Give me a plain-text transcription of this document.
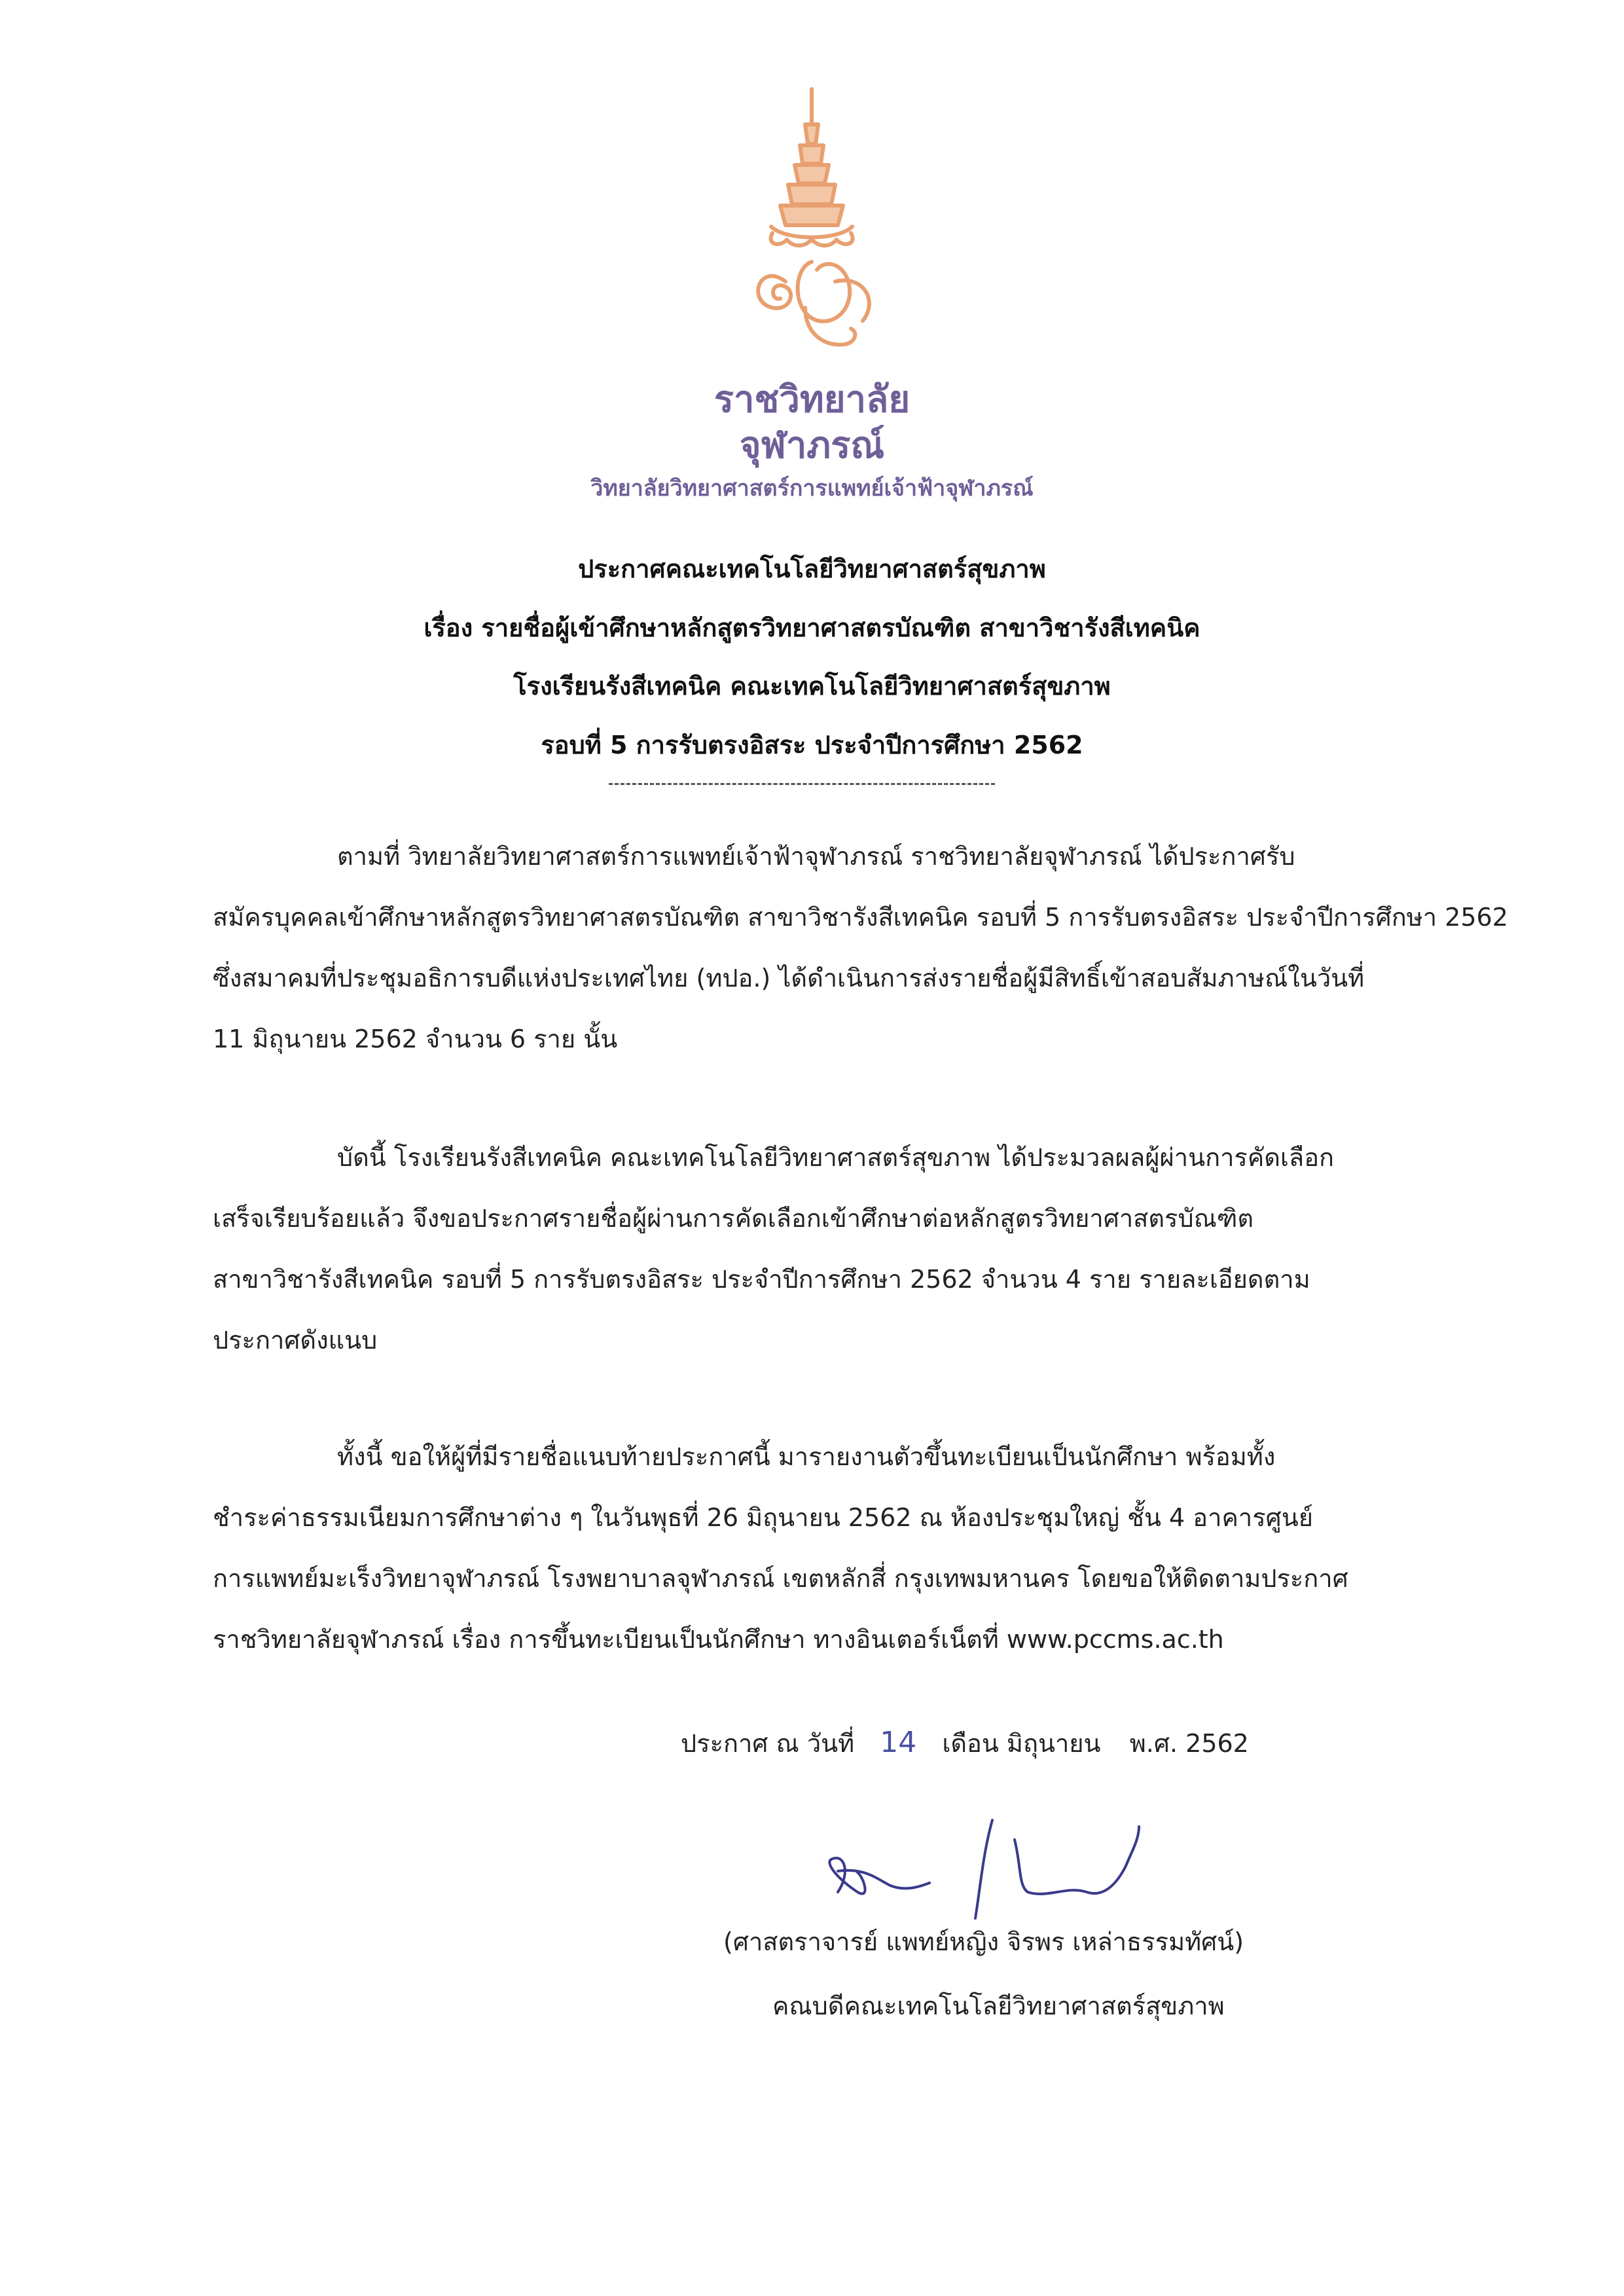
ราชวิทยาลัย
จุฬาภรณ์
วิทยาลัยวิทยาศาสตร์การแพทย์เจ้าฟ้าจุฬาภรณ์
ประกาศคณะเทคโนโลยีวิทยาศาสตร์สุขภาพ
เรื่อง รายชื่อผู้เข้าศึกษาหลักสูตรวิทยาศาสตรบัณฑิต สาขาวิชารังสีเทคนิค
โรงเรียนรังสีเทคนิค คณะเทคโนโลยีวิทยาศาสตร์สุขภาพ
รอบที่ 5 การรับตรงอิสระ ประจำปีการศึกษา 2562
ตามที่ วิทยาลัยวิทยาศาสตร์การแพทย์เจ้าฟ้าจุฬาภรณ์ ราชวิทยาลัยจุฬาภรณ์ ได้ประกาศรับ
สมัครบุคคลเข้าศึกษาหลักสูตรวิทยาศาสตรบัณฑิต สาขาวิชารังสีเทคนิค รอบที่ 5 การรับตรงอิสระ ประจำปีการศึกษา 2562
ซึ่งสมาคมที่ประชุมอธิการบดีแห่งประเทศไทย (ทปอ.) ได้ดำเนินการส่งรายชื่อผู้มีสิทธิ์เข้าสอบสัมภาษณ์ในวันที่
11 มิถุนายน 2562 จำนวน 6 ราย นั้น
บัดนี้ โรงเรียนรังสีเทคนิค คณะเทคโนโลยีวิทยาศาสตร์สุขภาพ ได้ประมวลผลผู้ผ่านการคัดเลือก
เสร็จเรียบร้อยแล้ว จึงขอประกาศรายชื่อผู้ผ่านการคัดเลือกเข้าศึกษาต่อหลักสูตรวิทยาศาสตรบัณฑิต
สาขาวิชารังสีเทคนิค รอบที่ 5 การรับตรงอิสระ ประจำปีการศึกษา 2562 จำนวน 4 ราย รายละเอียดตาม
ประกาศดังแนบ
ทั้งนี้ ขอให้ผู้ที่มีรายชื่อแนบท้ายประกาศนี้ มารายงานตัวขึ้นทะเบียนเป็นนักศึกษา พร้อมทั้ง
ชำระค่าธรรมเนียมการศึกษาต่าง ๆ ในวันพุธที่ 26 มิถุนายน 2562 ณ ห้องประชุมใหญ่ ชั้น 4 อาคารศูนย์
การแพทย์มะเร็งวิทยาจุฬาภรณ์ โรงพยาบาลจุฬาภรณ์ เขตหลักสี่ กรุงเทพมหานคร โดยขอให้ติดตามประกาศ
ราชวิทยาลัยจุฬาภรณ์ เรื่อง การขึ้นทะเบียนเป็นนักศึกษา ทางอินเตอร์เน็ตที่ www.pccms.ac.th
ประกาศ ณ วันที่ 14 เดือน มิถุนายน พ.ศ. 2562
(ศาสตราจารย์ แพทย์หญิง จิรพร เหล่าธรรมทัศน์)
คณบดีคณะเทคโนโลยีวิทยาศาสตร์สุขภาพ
